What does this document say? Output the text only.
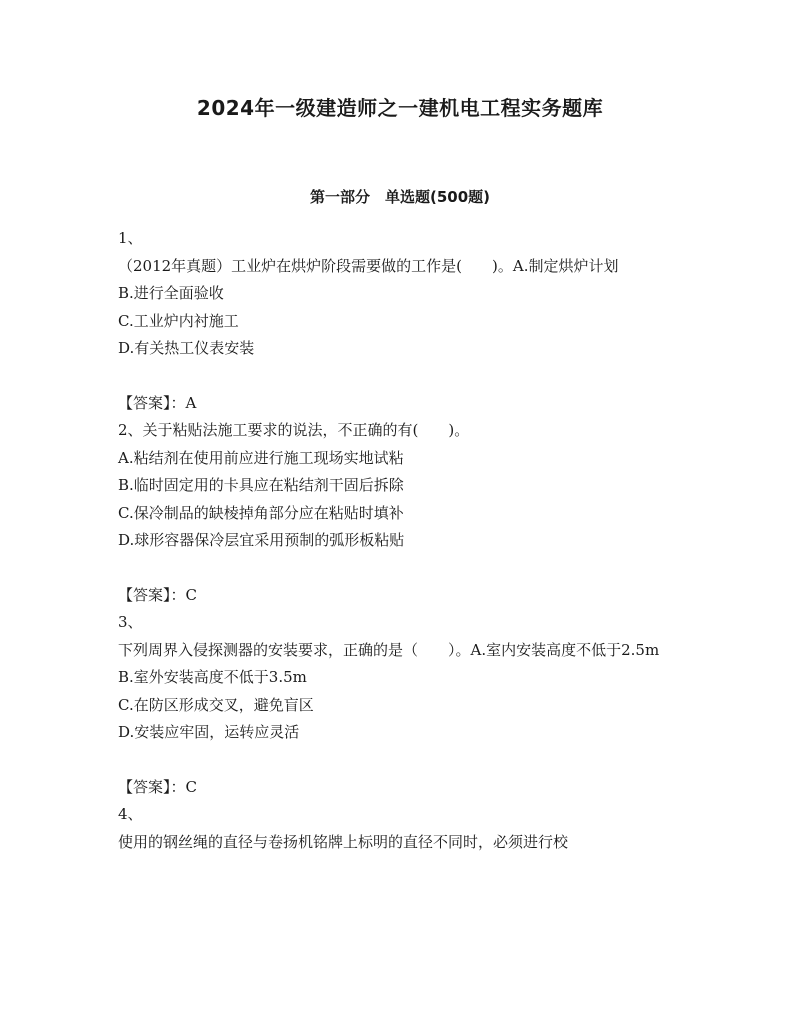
2024年一级建造师之一建机电工程实务题库
第一部分　单选题(500题)
1、
（2012年真题）工业炉在烘炉阶段需要做的工作是(　　)。A.制定烘炉计划
B.进行全面验收
C.工业炉内衬施工
D.有关热工仪表安装
【答案】：A
2、关于粘贴法施工要求的说法，不正确的有(　　)。
A.粘结剂在使用前应进行施工现场实地试粘
B.临时固定用的卡具应在粘结剂干固后拆除
C.保冷制品的缺棱掉角部分应在粘贴时填补
D.球形容器保冷层宜采用预制的弧形板粘贴
【答案】：C
3、
下列周界入侵探测器的安装要求，正确的是（　　）。A.室内安装高度不低于2.5m
B.室外安装高度不低于3.5m
C.在防区形成交叉，避免盲区
D.安装应牢固，运转应灵活
【答案】：C
4、
使用的钢丝绳的直径与卷扬机铭牌上标明的直径不同时，必须进行校
